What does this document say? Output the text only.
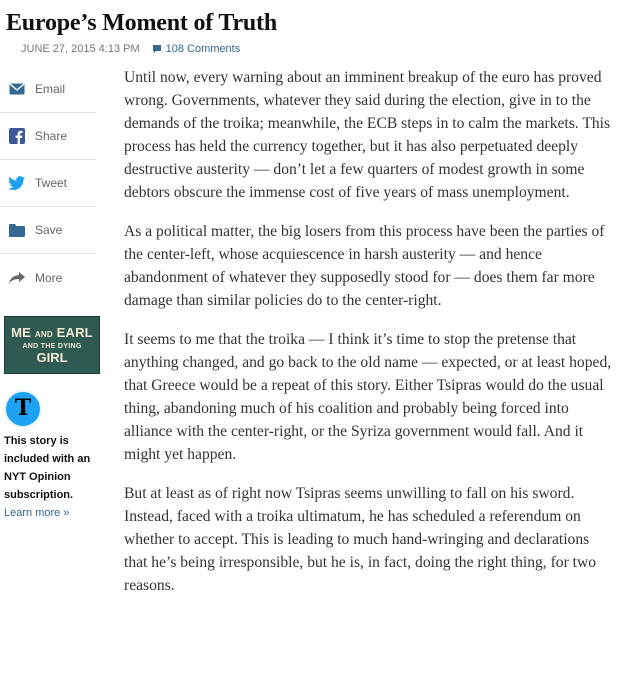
Europe’s Moment of Truth
JUNE 27, 2015 4:13 PM 108 Comments
Email
Share
Tweet
Save
More
ME AND EARL
AND THE DYING
GIRL
T
This story is included with an NYT Opinion subscription.
Learn more »

Until now, every warning about an imminent breakup of the euro has proved wrong. Governments, whatever they said during the election, give in to the demands of the troika; meanwhile, the ECB steps in to calm the markets. This process has held the currency together, but it has also perpetuated deeply destructive austerity — don’t let a few quarters of modest growth in some debtors obscure the immense cost of five years of mass unemployment.

As a political matter, the big losers from this process have been the parties of the center-left, whose acquiescence in harsh austerity — and hence abandonment of whatever they supposedly stood for — does them far more damage than similar policies do to the center-right.

It seems to me that the troika — I think it’s time to stop the pretense that anything changed, and go back to the old name — expected, or at least hoped, that Greece would be a repeat of this story. Either Tsipras would do the usual thing, abandoning much of his coalition and probably being forced into alliance with the center-right, or the Syriza government would fall. And it might yet happen.

But at least as of right now Tsipras seems unwilling to fall on his sword. Instead, faced with a troika ultimatum, he has scheduled a referendum on whether to accept. This is leading to much hand-wringing and declarations that he’s being irresponsible, but he is, in fact, doing the right thing, for two reasons.
